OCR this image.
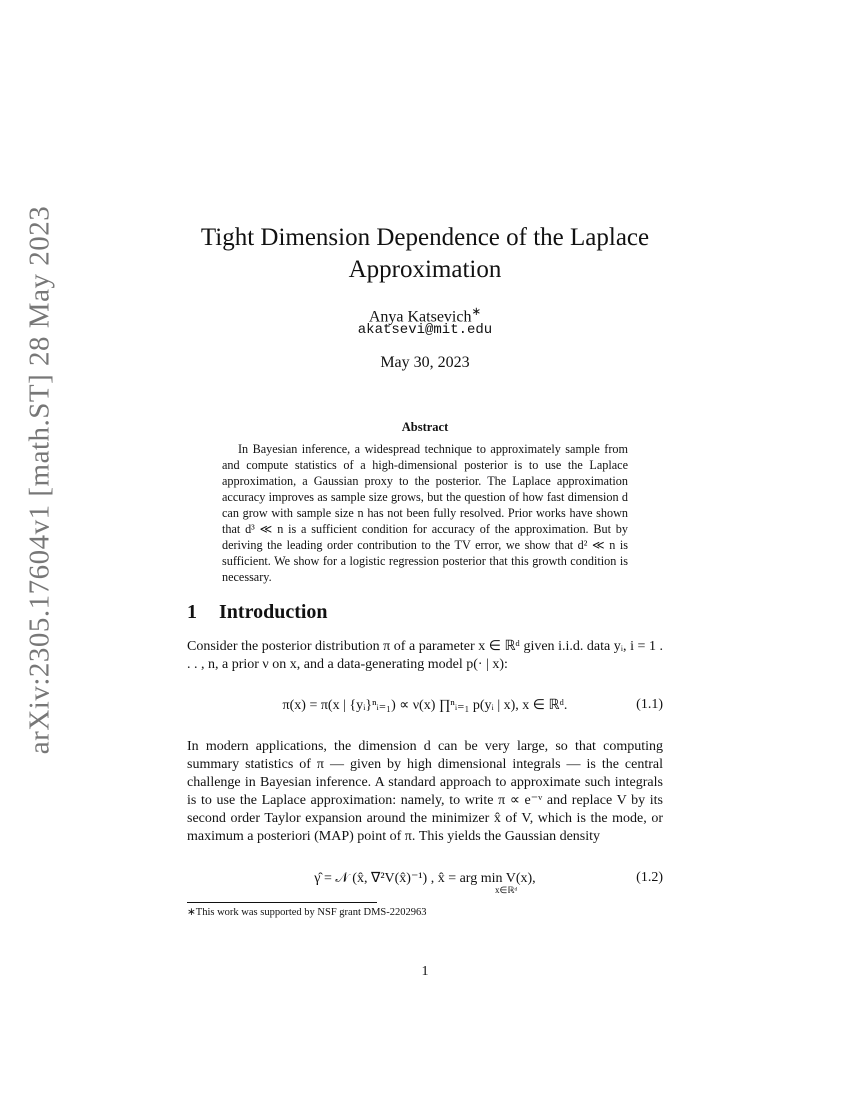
arXiv:2305.17604v1 [math.ST] 28 May 2023	Tight Dimension Dependence of the Laplace
Approximation
Anya Katsevich∗
akatsevi@mit.edu
May 30, 2023
Abstract
In Bayesian inference, a widespread technique to approximately sample from and compute statistics of a high-dimensional posterior is to use the Laplace approximation, a Gaussian proxy to the posterior. The Laplace approximation accuracy improves as sample size grows, but the question of how fast dimension d can grow with sample size n has not been fully resolved. Prior works have shown that d³ ≪ n is a sufficient condition for accuracy of the approximation. But by deriving the leading order contribution to the TV error, we show that d² ≪ n is sufficient. We show for a logistic regression posterior that this growth condition is necessary.
1 Introduction
Consider the posterior distribution π of a parameter x ∈ ℝᵈ given i.i.d. data yᵢ, i = 1 . . . , n, a prior ν on x, and a data-generating model p(· | x):
π(x) = π(x | {yᵢ}ⁿᵢ₌₁) ∝ ν(x) ∏ⁿᵢ₌₁ p(yᵢ | x), x ∈ ℝᵈ.	(1.1)
In modern applications, the dimension d can be very large, so that computing summary statistics of π — given by high dimensional integrals — is the central challenge in Bayesian inference. A standard approach to approximate such integrals is to use the Laplace approximation: namely, to write π ∝ e⁻ᵛ and replace V by its second order Taylor expansion around the minimizer x̂ of V, which is the mode, or maximum a posteriori (MAP) point of π. This yields the Gaussian density
γ̂ = 𝒩 (x̂, ∇²V(x̂)⁻¹) , x̂ = arg min V(x),	(1.2)
x∈ℝᵈ
∗This work was supported by NSF grant DMS-2202963
1
